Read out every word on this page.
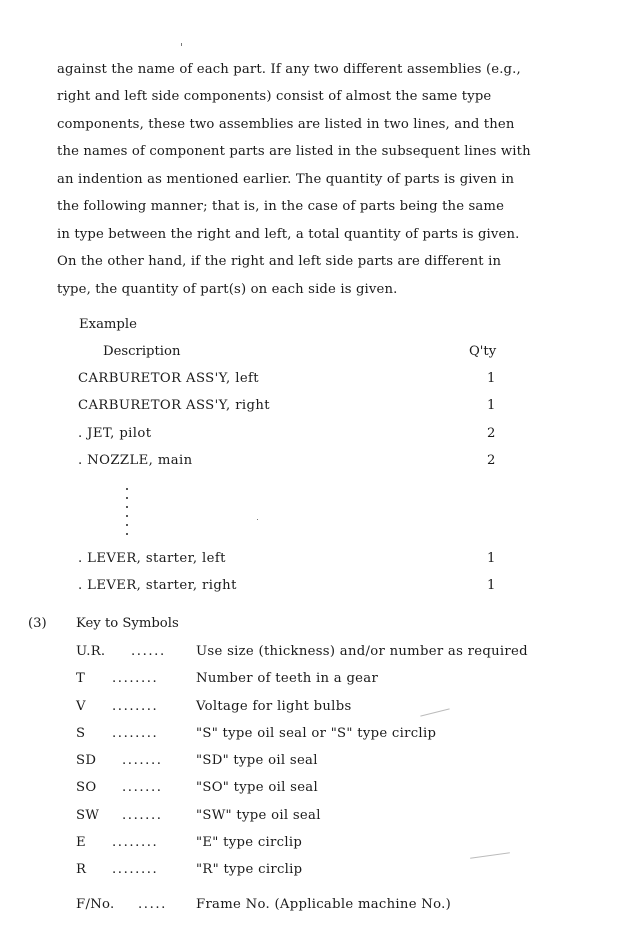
against the name of each part. If any two different assemblies (e.g.,
right and left side components) consist of almost the same type
components, these two assemblies are listed in two lines, and then
the names of component parts are listed in the subsequent lines with
an indention as mentioned earlier. The quantity of parts is given in
the following manner; that is, in the case of parts being the same
in type between the right and left, a total quantity of parts is given.
On the other hand, if the right and left side parts are different in
type, the quantity of part(s) on each side is given.
Example
Description	Q'ty
CARBURETOR ASS'Y, left	1
CARBURETOR ASS'Y, right	1
. JET, pilot	2
. NOZZLE, main	2
. LEVER, starter, left	1
. LEVER, starter, right	1
(3) Key to Symbols
U.R. ...... Use size (thickness) and/or number as required
T ........	Number of teeth in a gear
V ........	Voltage for light bulbs
S ........	"S" type oil seal or "S" type circlip
SD .......	"SD" type oil seal
SO .......	"SO" type oil seal
SW .......	"SW" type oil seal
E ........	"E" type circlip
R ........	"R" type circlip
F/No. ..... Frame No. (Applicable machine No.)
